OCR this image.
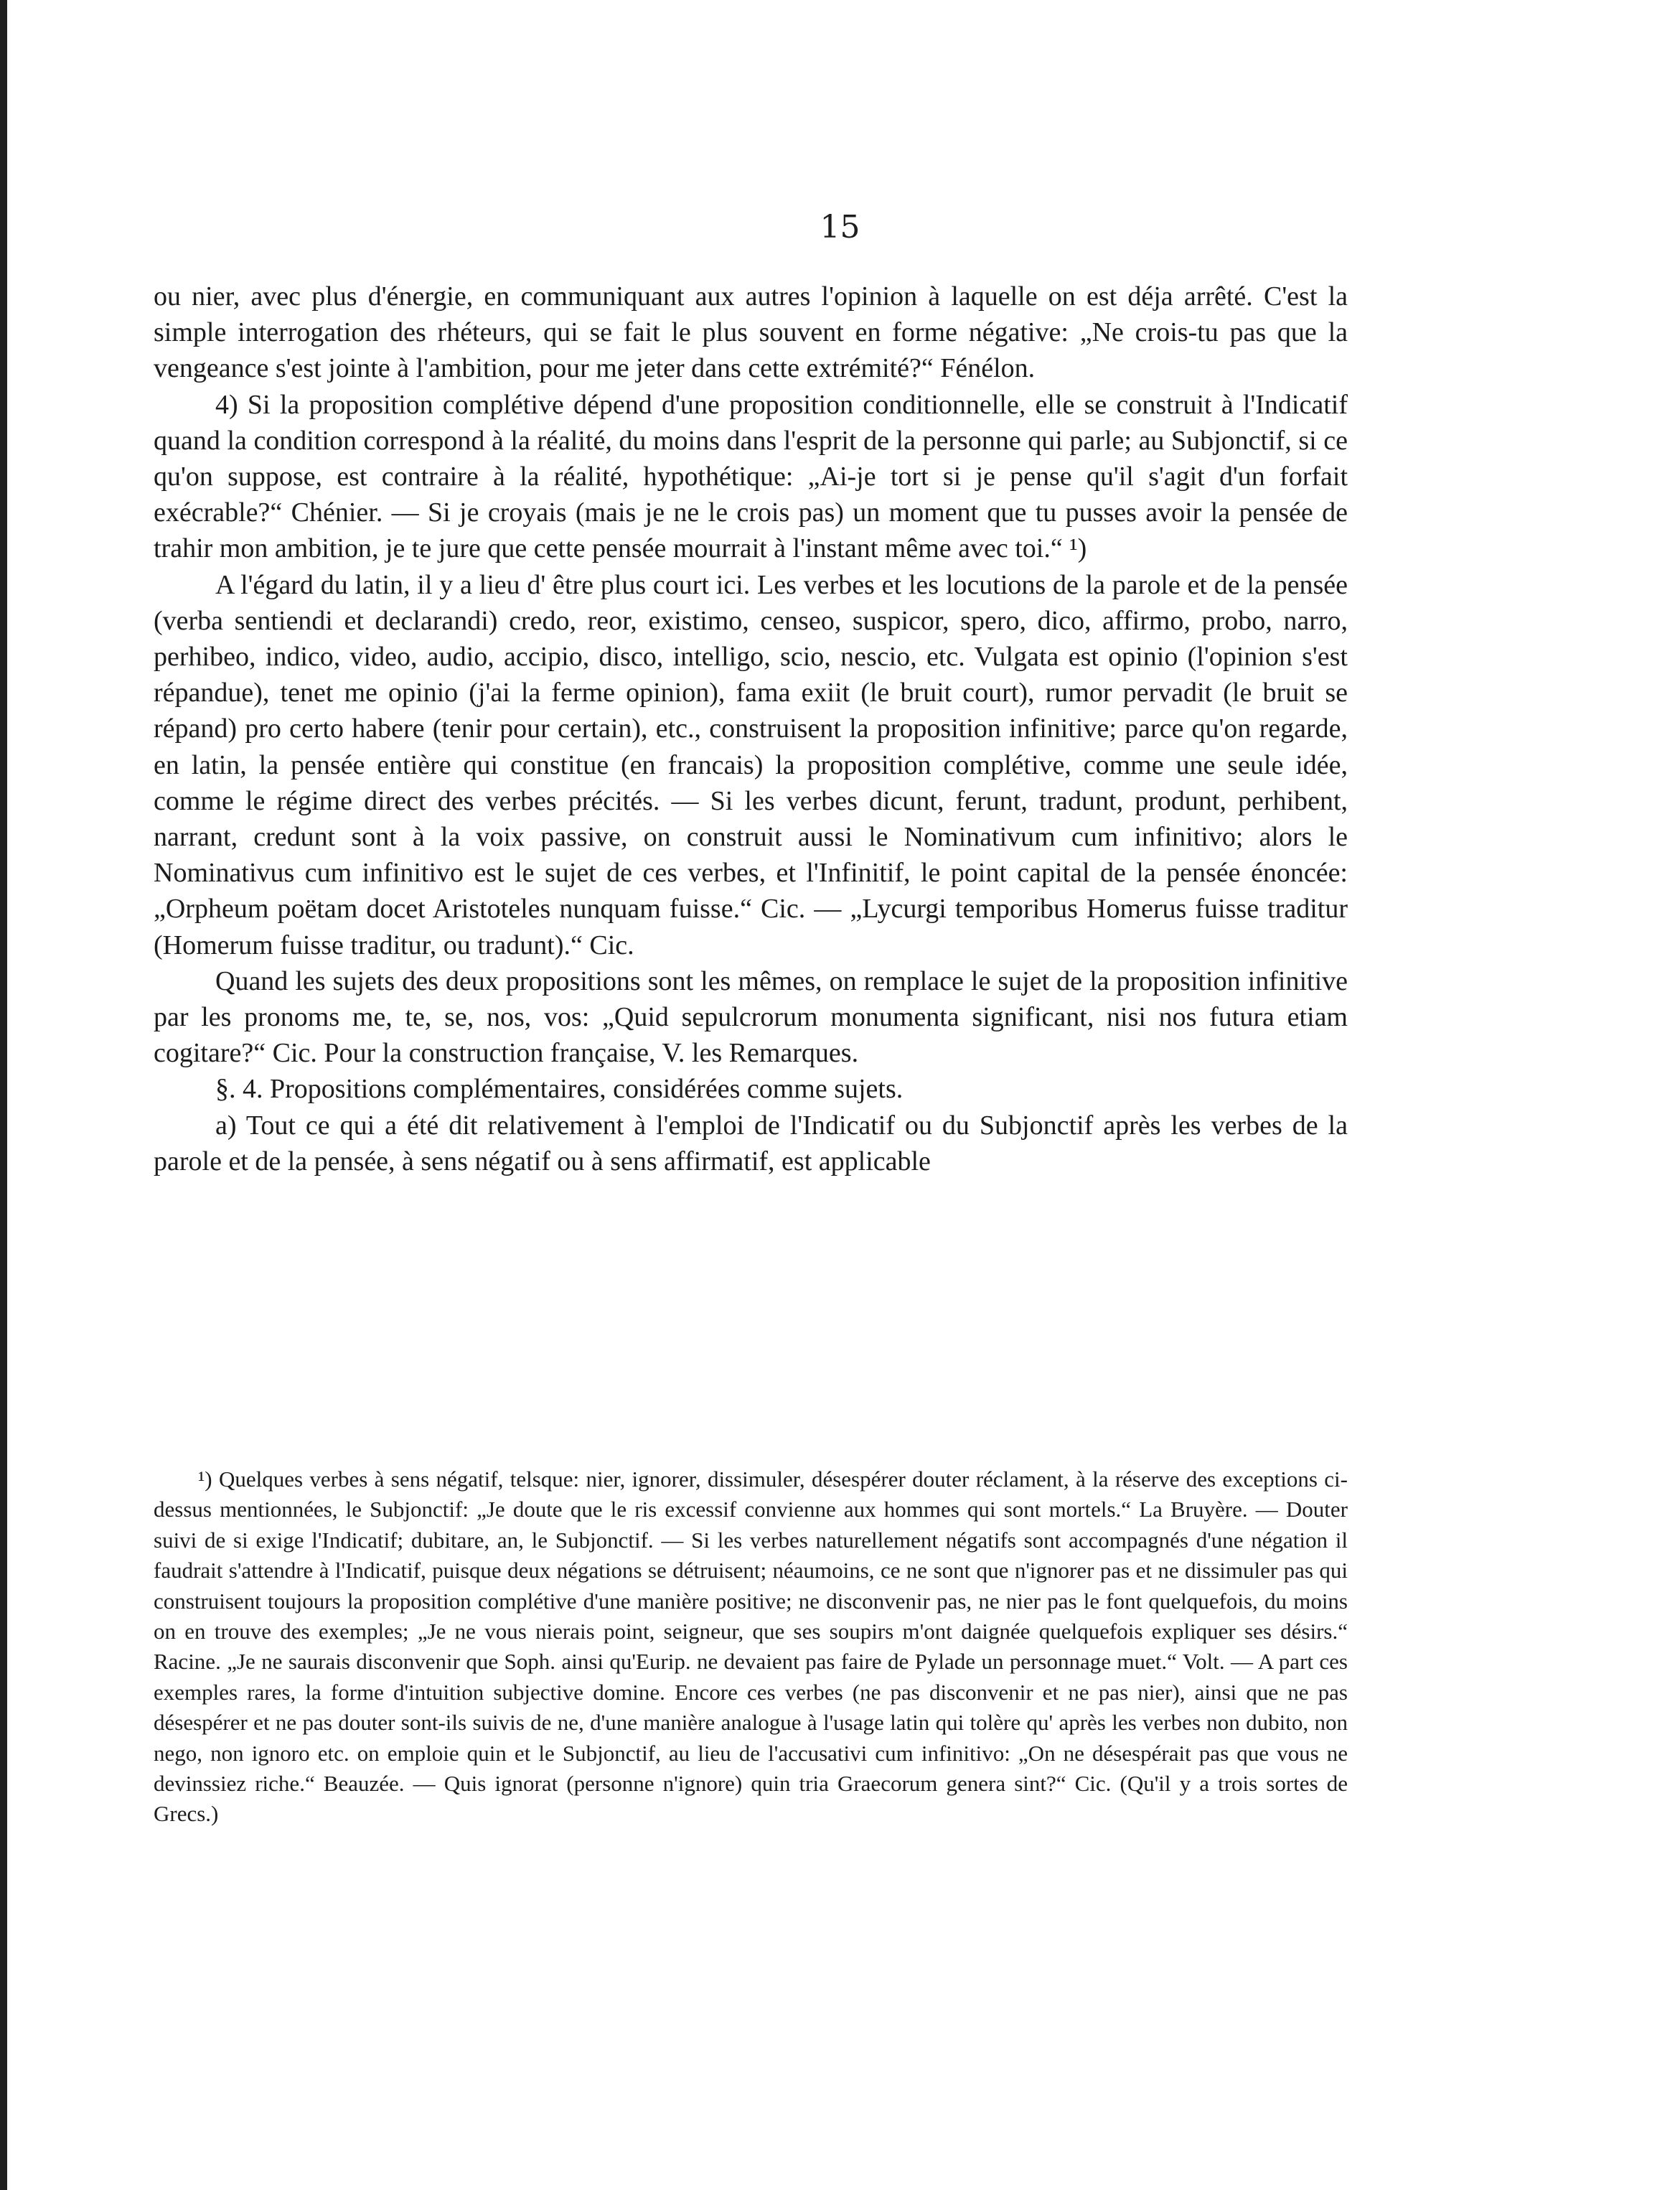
15

ou nier, avec plus d'énergie, en communiquant aux autres l'opinion à laquelle on est déja arrêté. C'est la simple interrogation des rhéteurs, qui se fait le plus souvent en forme négative: „Ne crois-tu pas que la vengeance s'est jointe à l'ambition, pour me jeter dans cette extrémité?“ Fénélon.

4) Si la proposition complétive dépend d'une proposition conditionnelle, elle se construit à l'Indicatif quand la condition correspond à la réalité, du moins dans l'esprit de la personne qui parle; au Subjonctif, si ce qu'on suppose, est contraire à la réalité, hypothétique: „Ai-je tort si je pense qu'il s'agit d'un forfait exécrable?“ Chénier. — Si je croyais (mais je ne le crois pas) un moment que tu pusses avoir la pensée de trahir mon ambition, je te jure que cette pensée mourrait à l'instant même avec toi.“ ¹)

A l'égard du latin, il y a lieu d' être plus court ici. Les verbes et les locutions de la parole et de la pensée (verba sentiendi et declarandi) credo, reor, existimo, censeo, suspicor, spero, dico, affirmo, probo, narro, perhibeo, indico, video, audio, accipio, disco, intelligo, scio, nescio, etc. Vulgata est opinio (l'opinion s'est répandue), tenet me opinio (j'ai la ferme opinion), fama exiit (le bruit court), rumor pervadit (le bruit se répand) pro certo habere (tenir pour certain), etc., construisent la proposition infinitive; parce qu'on regarde, en latin, la pensée entière qui constitue (en francais) la proposition complétive, comme une seule idée, comme le régime direct des verbes précités. — Si les verbes dicunt, ferunt, tradunt, produnt, perhibent, narrant, credunt sont à la voix passive, on construit aussi le Nominativum cum infinitivo; alors le Nominativus cum infinitivo est le sujet de ces verbes, et l'Infinitif, le point capital de la pensée énoncée: „Orpheum poëtam docet Aristoteles nunquam fuisse.“ Cic. — „Lycurgi temporibus Homerus fuisse traditur (Homerum fuisse traditur, ou tradunt).“ Cic.

Quand les sujets des deux propositions sont les mêmes, on remplace le sujet de la proposition infinitive par les pronoms me, te, se, nos, vos: „Quid sepulcrorum monumenta significant, nisi nos futura etiam cogitare?“ Cic. Pour la construction française, V. les Remarques.

§. 4. Propositions complémentaires, considérées comme sujets.

a) Tout ce qui a été dit relativement à l'emploi de l'Indicatif ou du Subjonctif après les verbes de la parole et de la pensée, à sens négatif ou à sens affirmatif, est applicable

¹) Quelques verbes à sens négatif, telsque: nier, ignorer, dissimuler, désespérer douter réclament, à la réserve des exceptions ci-dessus mentionnées, le Subjonctif: „Je doute que le ris excessif convienne aux hommes qui sont mortels.“ La Bruyère. — Douter suivi de si exige l'Indicatif; dubitare, an, le Subjonctif. — Si les verbes naturellement négatifs sont accompagnés d'une négation il faudrait s'attendre à l'Indicatif, puisque deux négations se détruisent; néaumoins, ce ne sont que n'ignorer pas et ne dissimuler pas qui construisent toujours la proposition complétive d'une manière positive; ne disconvenir pas, ne nier pas le font quelquefois, du moins on en trouve des exemples; „Je ne vous nierais point, seigneur, que ses soupirs m'ont daignée quelquefois expliquer ses désirs.“ Racine. „Je ne saurais disconvenir que Soph. ainsi qu'Eurip. ne devaient pas faire de Pylade un personnage muet.“ Volt. — A part ces exemples rares, la forme d'intuition subjective domine. Encore ces verbes (ne pas disconvenir et ne pas nier), ainsi que ne pas désespérer et ne pas douter sont-ils suivis de ne, d'une manière analogue à l'usage latin qui tolère qu' après les verbes non dubito, non nego, non ignoro etc. on emploie quin et le Subjonctif, au lieu de l'accusativi cum infinitivo: „On ne désespérait pas que vous ne devinssiez riche.“ Beauzée. — Quis ignorat (personne n'ignore) quin tria Graecorum genera sint?“ Cic. (Qu'il y a trois sortes de Grecs.)
